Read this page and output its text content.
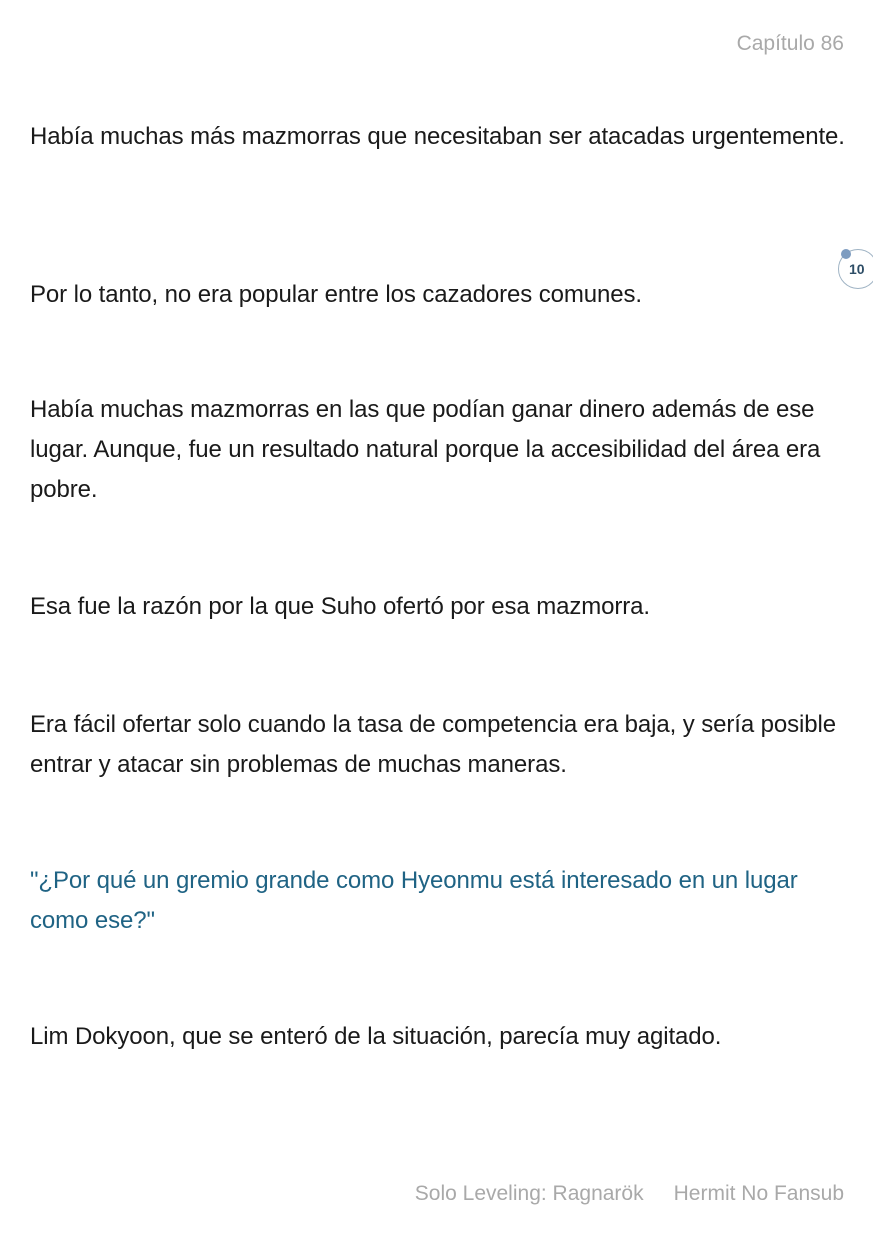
Capítulo 86

Había muchas más mazmorras que necesitaban ser atacadas urgentemente.

Por lo tanto, no era popular entre los cazadores comunes.

10

Había muchas mazmorras en las que podían ganar dinero además de ese lugar. Aunque, fue un resultado natural porque la accesibilidad del área era pobre.

Esa fue la razón por la que Suho ofertó por esa mazmorra.

Era fácil ofertar solo cuando la tasa de competencia era baja, y sería posible entrar y atacar sin problemas de muchas maneras.

"¿Por qué un gremio grande como Hyeonmu está interesado en un lugar como ese?"

Lim Dokyoon, que se enteró de la situación, parecía muy agitado.

Solo Leveling: Ragnarök Hermit No Fansub
